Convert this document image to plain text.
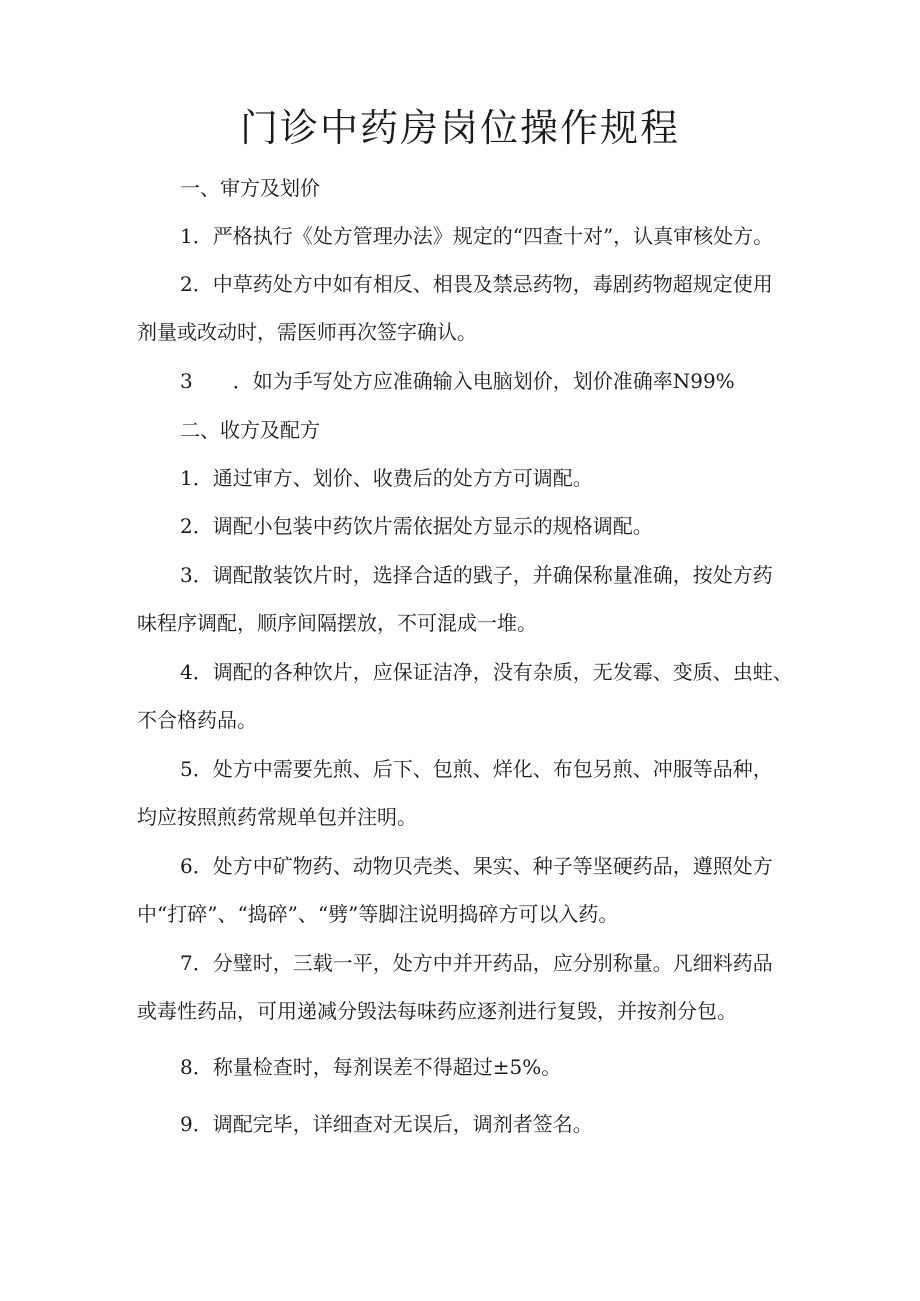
门诊中药房岗位操作规程

一、审方及划价

1．严格执行《处方管理办法》规定的“四查十对”，认真审核处方。

2．中草药处方中如有相反、相畏及禁忌药物，毒剧药物超规定使用

剂量或改动时，需医师再次签字确认。

3 ．如为手写处方应准确输入电脑划价，划价准确率N99%

二、收方及配方

1．通过审方、划价、收费后的处方方可调配。

2．调配小包装中药饮片需依据处方显示的规格调配。

3．调配散装饮片时，选择合适的戥子，并确保称量准确，按处方药

味程序调配，顺序间隔摆放，不可混成一堆。

4．调配的各种饮片，应保证洁净，没有杂质，无发霉、变质、虫蛀、

不合格药品。

5．处方中需要先煎、后下、包煎、烊化、布包另煎、冲服等品种，

均应按照煎药常规单包并注明。

6．处方中矿物药、动物贝壳类、果实、种子等坚硬药品，遵照处方

中“打碎”、“捣碎”、“劈”等脚注说明捣碎方可以入药。

7．分璧时，三载一平，处方中并开药品，应分别称量。凡细料药品

或毒性药品，可用递减分毁法每味药应逐剂进行复毁，并按剂分包。

8．称量检查时，每剂误差不得超过±5%。

9．调配完毕，详细查对无误后，调剂者签名。
